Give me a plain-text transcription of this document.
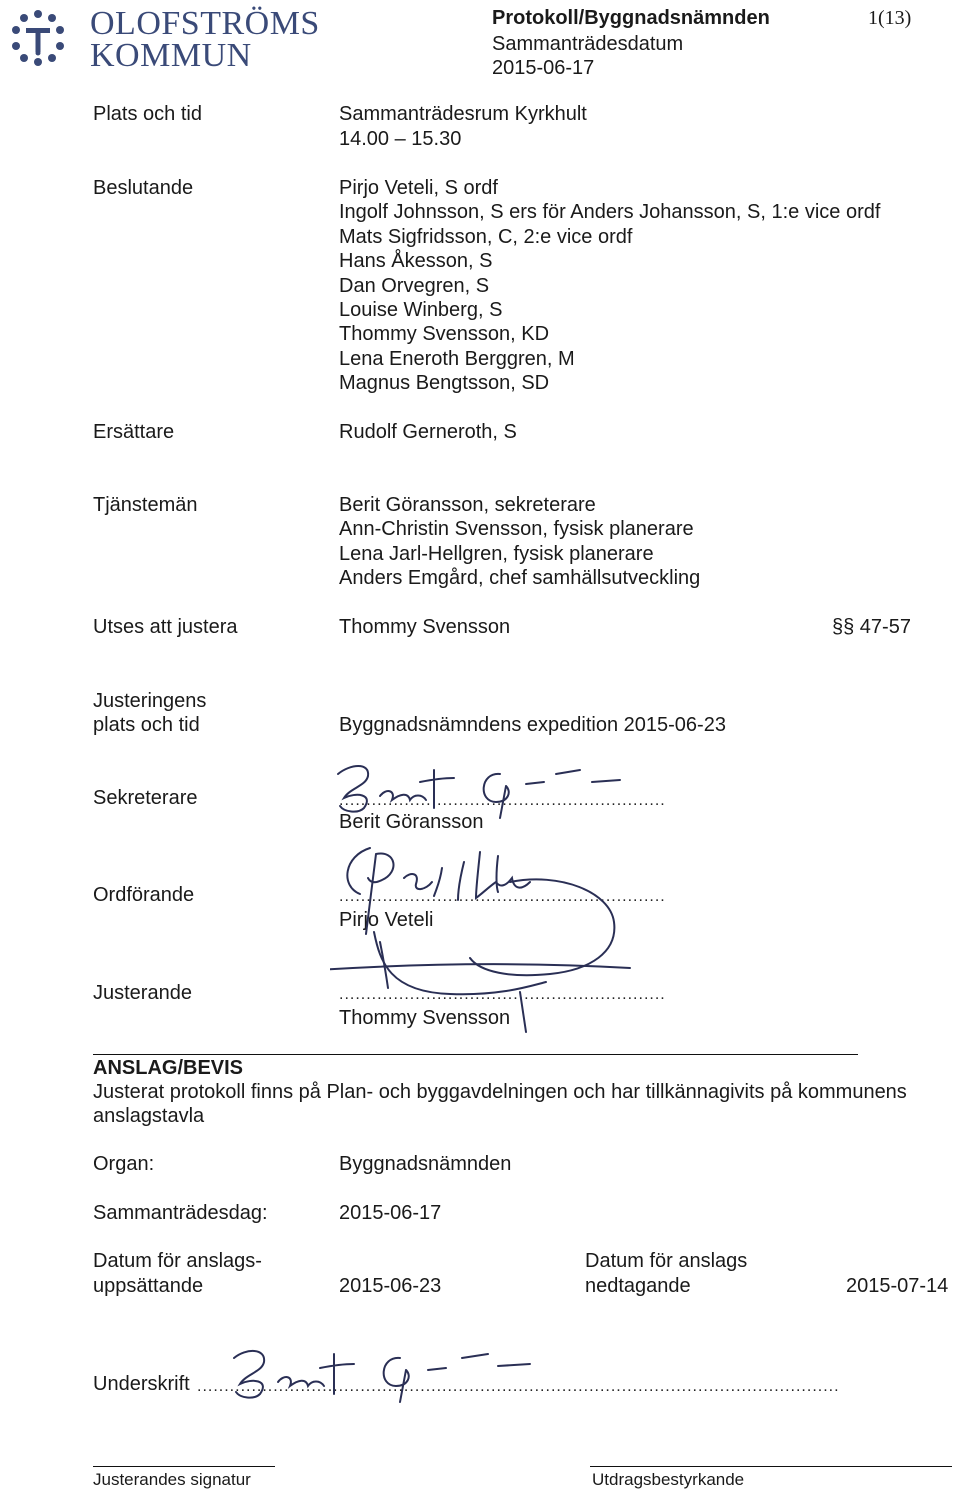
OLOFSTRÖMS
KOMMUN
Protokoll/Byggnadsnämnden	1(13)
Sammanträdesdatum
2015-06-17
Plats och tid	Sammanträdesrum Kyrkhult
14.00 – 15.30
Beslutande	Pirjo Veteli, S ordf
Ingolf Johnsson, S ers för Anders Johansson, S, 1:e vice ordf
Mats Sigfridsson, C, 2:e vice ordf
Hans Åkesson, S
Dan Orvegren, S
Louise Winberg, S
Thommy Svensson, KD
Lena Eneroth Berggren, M
Magnus Bengtsson, SD
Ersättare	Rudolf Gerneroth, S
Tjänstemän	Berit Göransson, sekreterare
Ann-Christin Svensson, fysisk planerare
Lena Jarl-Hellgren, fysisk planerare
Anders Emgård, chef samhällsutveckling
Utses att justera	Thommy Svensson	§§ 47-57
Justeringens
plats och tid	Byggnadsnämndens expedition 2015-06-23
Sekreterare	............................................................
Berit Göransson
Ordförande	............................................................
Pirjo Veteli
Justerande	............................................................
Thommy Svensson
ANSLAG/BEVIS
Justerat protokoll finns på Plan- och byggavdelningen och har tillkännagivits på kommunens
anslagstavla
Organ:	Byggnadsnämnden
Sammanträdesdag:	2015-06-17
Datum för anslags-
uppsättande	2015-06-23
Datum för anslags
nedtagande	2015-07-14
Underskrift ......................................................................................................................
Justerandes signatur	Utdragsbestyrkande
